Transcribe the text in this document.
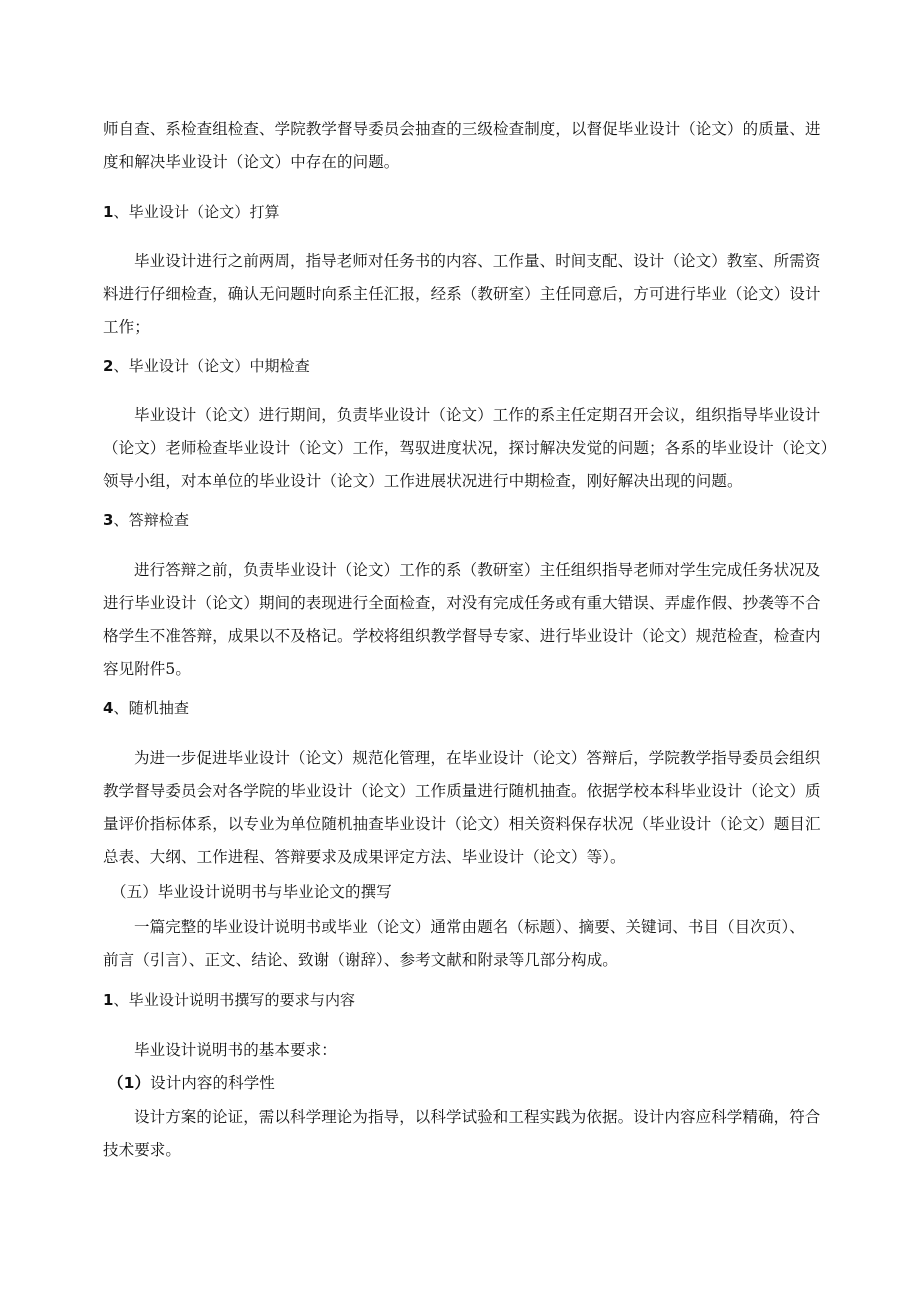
师自查、系检查组检查、学院教学督导委员会抽查的三级检查制度，以督促毕业设计（论文）的质量、进
度和解决毕业设计（论文）中存在的问题。
1、毕业设计（论文）打算
毕业设计进行之前两周，指导老师对任务书的内容、工作量、时间支配、设计（论文）教室、所需资
料进行仔细检查，确认无问题时向系主任汇报，经系（教研室）主任同意后，方可进行毕业（论文）设计
工作；
2、毕业设计（论文）中期检查
毕业设计（论文）进行期间，负责毕业设计（论文）工作的系主任定期召开会议，组织指导毕业设计
（论文）老师检查毕业设计（论文）工作，驾驭进度状况，探讨解决发觉的问题；各系的毕业设计（论文）
领导小组，对本单位的毕业设计（论文）工作进展状况进行中期检查，刚好解决出现的问题。
3、答辩检查
进行答辩之前，负责毕业设计（论文）工作的系（教研室）主任组织指导老师对学生完成任务状况及
进行毕业设计（论文）期间的表现进行全面检查，对没有完成任务或有重大错误、弄虚作假、抄袭等不合
格学生不准答辩，成果以不及格记。学校将组织教学督导专家、进行毕业设计（论文）规范检查，检查内
容见附件5。
4、随机抽查
为进一步促进毕业设计（论文）规范化管理，在毕业设计（论文）答辩后，学院教学指导委员会组织
教学督导委员会对各学院的毕业设计（论文）工作质量进行随机抽查。依据学校本科毕业设计（论文）质
量评价指标体系，以专业为单位随机抽查毕业设计（论文）相关资料保存状况（毕业设计（论文）题目汇
总表、大纲、工作进程、答辩要求及成果评定方法、毕业设计（论文）等）。
（五）毕业设计说明书与毕业论文的撰写
一篇完整的毕业设计说明书或毕业（论文）通常由题名（标题）、摘要、关键词、书目（目次页）、
前言（引言）、正文、结论、致谢（谢辞）、参考文献和附录等几部分构成。
1、毕业设计说明书撰写的要求与内容
毕业设计说明书的基本要求：
（1）设计内容的科学性
设计方案的论证，需以科学理论为指导，以科学试验和工程实践为依据。设计内容应科学精确，符合
技术要求。
